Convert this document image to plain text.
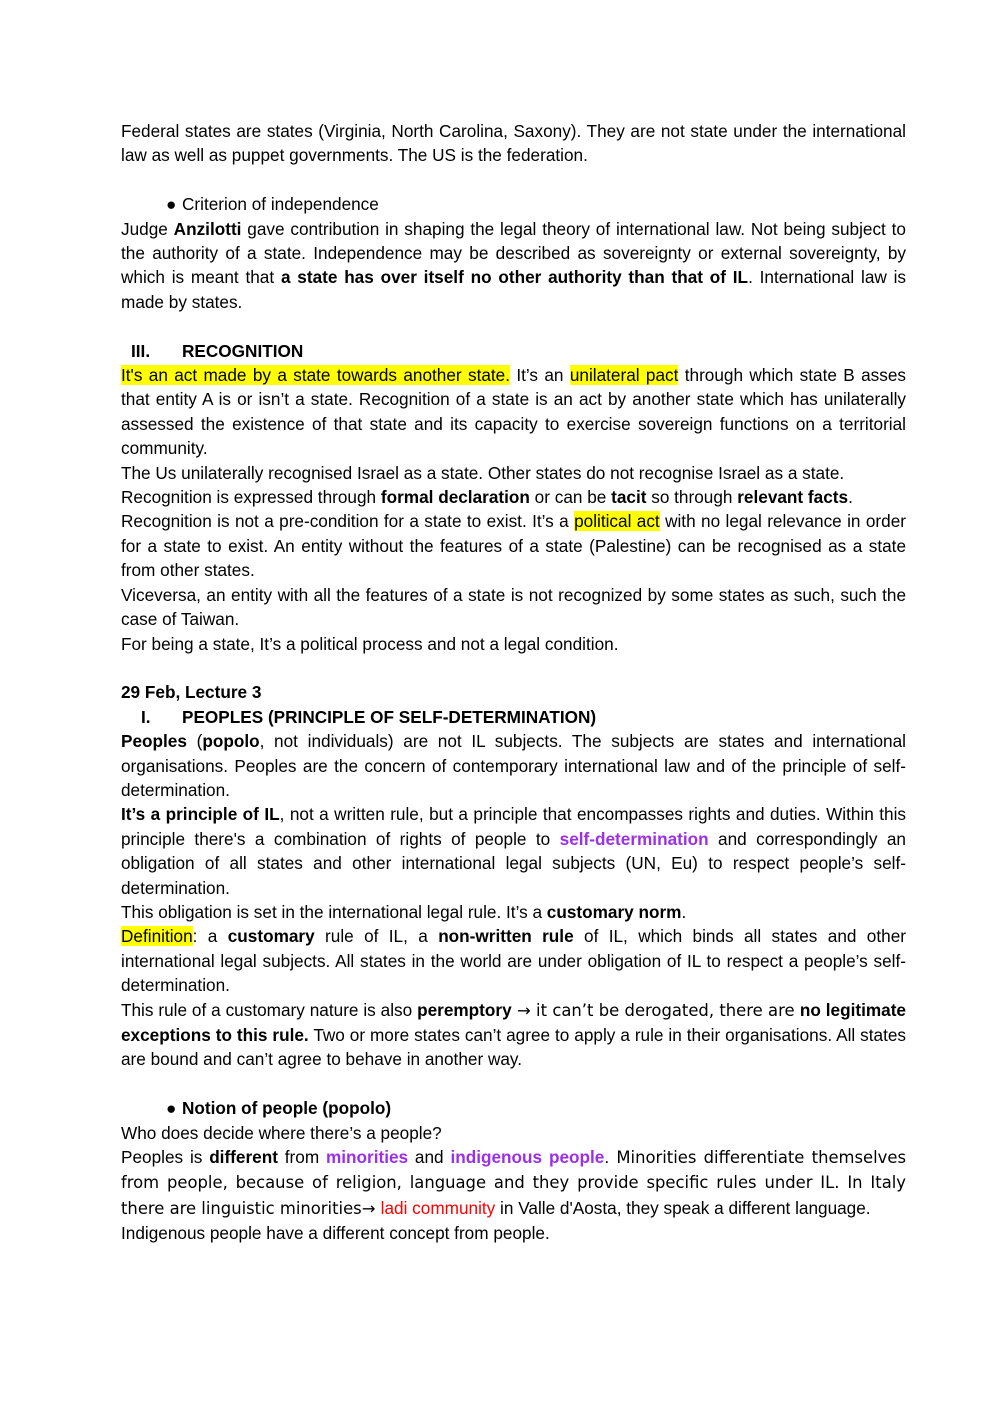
Federal states are states (Virginia, North Carolina, Saxony). They are not state under the international law as well as puppet governments. The US is the federation.

● Criterion of independence

Judge Anzilotti gave contribution in shaping the legal theory of international law. Not being subject to the authority of a state. Independence may be described as sovereignty or external sovereignty, by which is meant that a state has over itself no other authority than that of IL. International law is made by states.

III.	RECOGNITION

It's an act made by a state towards another state. It’s an unilateral pact through which state B asses that entity A is or isn’t a state. Recognition of a state is an act by another state which has unilaterally assessed the existence of that state and its capacity to exercise sovereign functions on a territorial community.

The Us unilaterally recognised Israel as a state. Other states do not recognise Israel as a state.

Recognition is expressed through formal declaration or can be tacit so through relevant facts.

Recognition is not a pre-condition for a state to exist. It’s a political act with no legal relevance in order for a state to exist. An entity without the features of a state (Palestine) can be recognised as a state from other states.

Viceversa, an entity with all the features of a state is not recognized by some states as such, such the case of Taiwan.

For being a state, It’s a political process and not a legal condition.

29 Feb, Lecture 3

I.	PEOPLES (PRINCIPLE OF SELF-DETERMINATION)

Peoples (popolo, not individuals) are not IL subjects. The subjects are states and international organisations. Peoples are the concern of contemporary international law and of the principle of self-determination.

It’s a principle of IL, not a written rule, but a principle that encompasses rights and duties. Within this principle there's a combination of rights of people to self-determination and correspondingly an obligation of all states and other international legal subjects (UN, Eu) to respect people’s self-determination.

This obligation is set in the international legal rule. It’s a customary norm.

Definition: a customary rule of IL, a non-written rule of IL, which binds all states and other international legal subjects. All states in the world are under obligation of IL to respect a people’s self-determination.

This rule of a customary nature is also peremptory → it can’t be derogated, there are no legitimate exceptions to this rule. Two or more states can’t agree to apply a rule in their organisations. All states are bound and can’t agree to behave in another way.

● Notion of people (popolo)

Who does decide where there’s a people?

Peoples is different from minorities and indigenous people. Minorities differentiate themselves from people, because of religion, language and they provide specific rules under IL. In Italy there are linguistic minorities→ ladi community in Valle d'Aosta, they speak a different language.

Indigenous people have a different concept from people.
